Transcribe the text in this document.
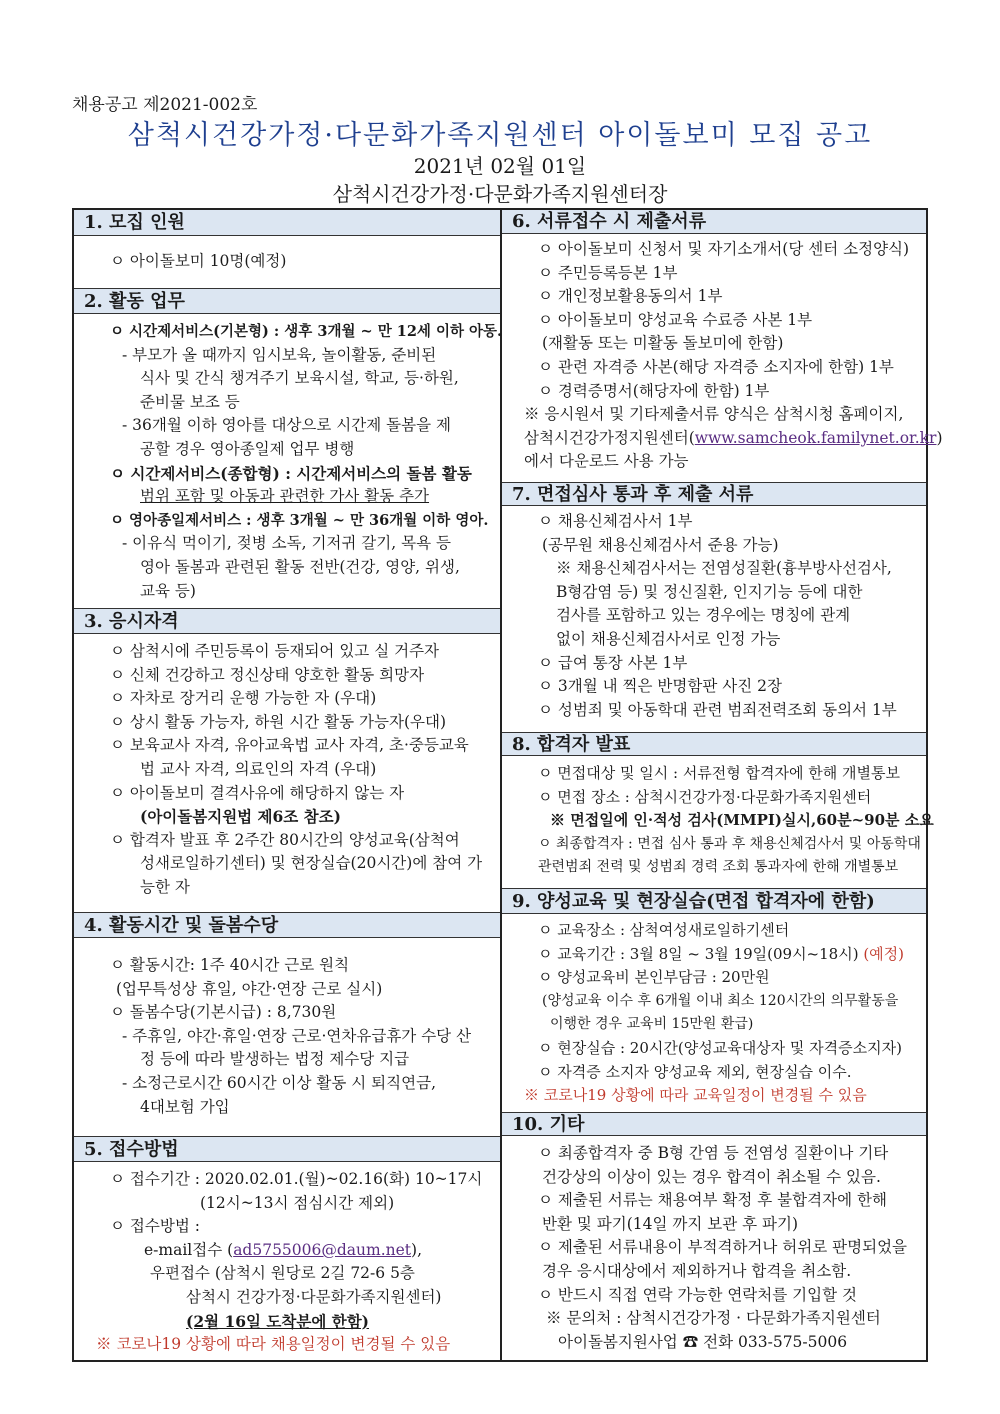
채용공고 제2021-002호
삼척시건강가정·다문화가족지원센터 아이돌보미 모집 공고
2021년 02월 01일
삼척시건강가정·다문화가족지원센터장
1. 모집 인원
ㅇ 아이돌보미 10명(예정)
2. 활동 업무
ㅇ 시간제서비스(기본형) : 생후 3개월 ~ 만 12세 이하 아동.
- 부모가 올 때까지 임시보육, 놀이활동, 준비된
식사 및 간식 챙겨주기 보육시설, 학교, 등·하원,
준비물 보조 등
- 36개월 이하 영아를 대상으로 시간제 돌봄을 제
공할 경우 영아종일제 업무 병행
ㅇ 시간제서비스(종합형) : 시간제서비스의 돌봄 활동
범위 포함 및 아동과 관련한 가사 활동 추가
ㅇ 영아종일제서비스 : 생후 3개월 ~ 만 36개월 이하 영아.
- 이유식 먹이기, 젖병 소독, 기저귀 갈기, 목욕 등
영아 돌봄과 관련된 활동 전반(건강, 영양, 위생,
교육 등)
3. 응시자격
ㅇ 삼척시에 주민등록이 등재되어 있고 실 거주자
ㅇ 신체 건강하고 정신상태 양호한 활동 희망자
ㅇ 자차로 장거리 운행 가능한 자 (우대)
ㅇ 상시 활동 가능자, 하원 시간 활동 가능자(우대)
ㅇ 보육교사 자격, 유아교육법 교사 자격, 초·중등교육
법 교사 자격, 의료인의 자격 (우대)
ㅇ 아이돌보미 결격사유에 해당하지 않는 자
(아이돌봄지원법 제6조 참조)
ㅇ 합격자 발표 후 2주간 80시간의 양성교육(삼척여
성새로일하기센터) 및 현장실습(20시간)에 참여 가
능한 자
4. 활동시간 및 돌봄수당
ㅇ 활동시간: 1주 40시간 근로 원칙
(업무특성상 휴일, 야간·연장 근로 실시)
ㅇ 돌봄수당(기본시급) : 8,730원
- 주휴일, 야간·휴일·연장 근로·연차유급휴가 수당 산
정 등에 따라 발생하는 법정 제수당 지급
- 소정근로시간 60시간 이상 활동 시 퇴직연금,
4대보험 가입
5. 접수방법
ㅇ 접수기간 : 2020.02.01.(월)~02.16(화) 10~17시
(12시~13시 점심시간 제외)
ㅇ 접수방법 :
e-mail접수 (ad5755006@daum.net),
우편접수 (삼척시 원당로 2길 72-6 5층
삼척시 건강가정·다문화가족지원센터)
(2월 16일 도착분에 한함)
※ 코로나19 상황에 따라 채용일정이 변경될 수 있음
6. 서류접수 시 제출서류
ㅇ 아이돌보미 신청서 및 자기소개서(당 센터 소정양식)
ㅇ 주민등록등본 1부
ㅇ 개인정보활용동의서 1부
ㅇ 아이돌보미 양성교육 수료증 사본 1부
(재활동 또는 미활동 돌보미에 한함)
ㅇ 관련 자격증 사본(해당 자격증 소지자에 한함) 1부
ㅇ 경력증명서(해당자에 한함) 1부
※ 응시원서 및 기타제출서류 양식은 삼척시청 홈페이지,
삼척시건강가정지원센터(www.samcheok.familynet.or.kr)
에서 다운로드 사용 가능
7. 면접심사 통과 후 제출 서류
ㅇ 채용신체검사서 1부
(공무원 채용신체검사서 준용 가능)
※ 채용신체검사서는 전염성질환(흉부방사선검사,
B형감염 등) 및 정신질환, 인지기능 등에 대한
검사를 포함하고 있는 경우에는 명칭에 관계
없이 채용신체검사서로 인정 가능
ㅇ 급여 통장 사본 1부
ㅇ 3개월 내 찍은 반명함판 사진 2장
ㅇ 성범죄 및 아동학대 관련 범죄전력조회 동의서 1부
8. 합격자 발표
ㅇ 면접대상 및 일시 : 서류전형 합격자에 한해 개별통보
ㅇ 면접 장소 : 삼척시건강가정·다문화가족지원센터
※ 면접일에 인·적성 검사(MMPI)실시,60분~90분 소요
ㅇ 최종합격자 : 면접 심사 통과 후 채용신체검사서 및 아동학대
관련범죄 전력 및 성범죄 경력 조회 통과자에 한해 개별통보
9. 양성교육 및 현장실습(면접 합격자에 한함)
ㅇ 교육장소 : 삼척여성새로일하기센터
ㅇ 교육기간 : 3월 8일 ~ 3월 19일(09시~18시) (예정)
ㅇ 양성교육비 본인부담금 : 20만원
(양성교육 이수 후 6개월 이내 최소 120시간의 의무활동을
이행한 경우 교육비 15만원 환급)
ㅇ 현장실습 : 20시간(양성교육대상자 및 자격증소지자)
ㅇ 자격증 소지자 양성교육 제외, 현장실습 이수.
※ 코로나19 상황에 따라 교육일정이 변경될 수 있음
10. 기타
ㅇ 최종합격자 중 B형 간염 등 전염성 질환이나 기타
건강상의 이상이 있는 경우 합격이 취소될 수 있음.
ㅇ 제출된 서류는 채용여부 확정 후 불합격자에 한해
반환 및 파기(14일 까지 보관 후 파기)
ㅇ 제출된 서류내용이 부적격하거나 허위로 판명되었을
경우 응시대상에서 제외하거나 합격을 취소함.
ㅇ 반드시 직접 연락 가능한 연락처를 기입할 것
※ 문의처 : 삼척시건강가정 · 다문화가족지원센터
아이돌봄지원사업 ☎ 전화 033-575-5006
